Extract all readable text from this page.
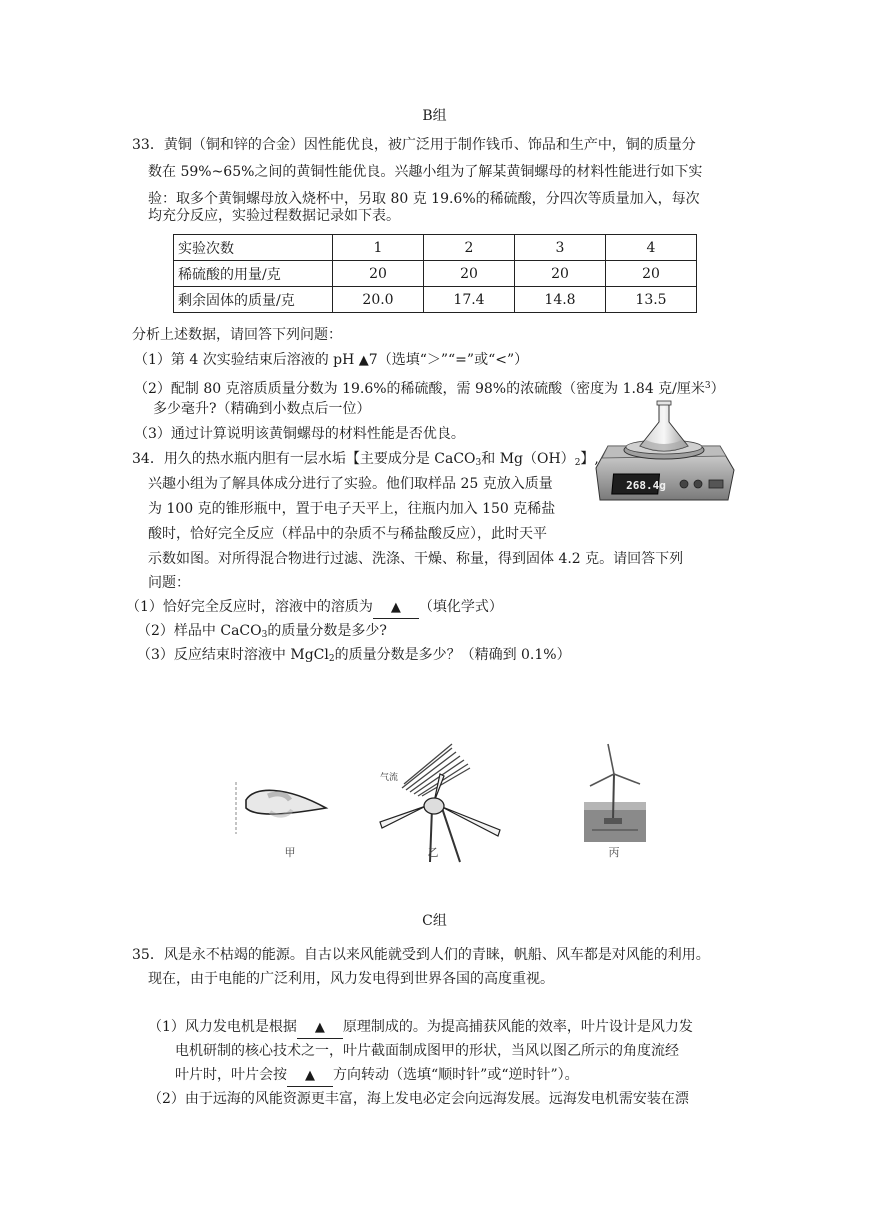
B组
33．黄铜（铜和锌的合金）因性能优良，被广泛用于制作钱币、饰品和生产中，铜的质量分
数在 59%~65%之间的黄铜性能优良。兴趣小组为了解某黄铜螺母的材料性能进行如下实
验：取多个黄铜螺母放入烧杯中，另取 80 克 19.6%的稀硫酸，分四次等质量加入，每次
均充分反应，实验过程数据记录如下表。
实验次数	1	2	3	4
稀硫酸的用量/克	20	20	20	20
剩余固体的质量/克	20.0	17.4	14.8	13.5
分析上述数据，请回答下列问题：
（1）第 4 次实验结束后溶液的 pH ▲7（选填“＞”“=”或“<”）
（2）配制 80 克溶质质量分数为 19.6%的稀硫酸，需 98%的浓硫酸（密度为 1.84 克/厘米$^3$）
多少毫升?（精确到小数点后一位）
（3）通过计算说明该黄铜螺母的材料性能是否优良。
34．用久的热水瓶内胆有一层水垢【主要成分是 CaCO$_3$和 $Mg(OH)_2$】,
兴趣小组为了解具体成分进行了实验。他们取样品 25 克放入质量
为 100 克的锥形瓶中，置于电子天平上，往瓶内加入 150 克稀盐
酸时，恰好完全反应（样品中的杂质不与稀盐酸反应），此时天平
示数如图。对所得混合物进行过滤、洗涤、干燥、称量，得到固体 4.2 克。请回答下列
问题：
268.4g
（1）恰好完全反应时，溶液中的溶质为 ▲ （填化学式）
（2）样品中 CaCO$_3$的质量分数是多少?
（3）反应结束时溶液中 MgCl$_2$的质量分数是多少？（精确到 0.1%）
甲
气流
乙	丙
C组
35．风是永不枯竭的能源。自古以来风能就受到人们的青睐，帆船、风车都是对风能的利用。
现在，由于电能的广泛利用，风力发电得到世界各国的高度重视。
（1）风力发电机是根据 ▲ 原理制成的。为提高捕获风能的效率，叶片设计是风力发
电机研制的核心技术之一，叶片截面制成图甲的形状，当风以图乙所示的角度流经
叶片时，叶片会按 ▲ 方向转动（选填“顺时针”或“逆时针”）。
（2）由于远海的风能资源更丰富，海上发电必定会向远海发展。远海发电机需安装在漂
